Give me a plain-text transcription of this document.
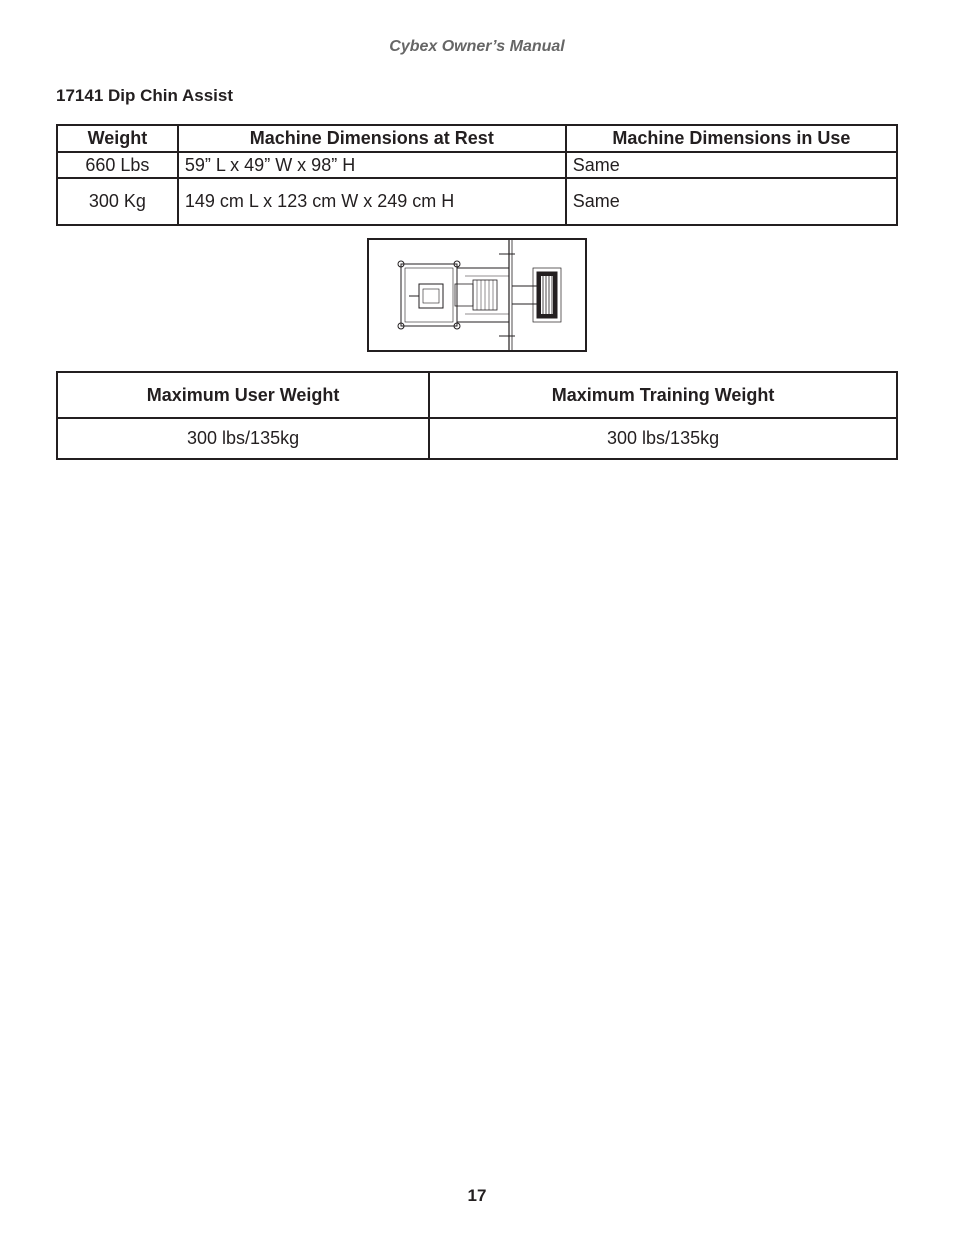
Cybex Owner’s Manual
17141 Dip Chin Assist
Weight	Machine Dimensions at Rest	Machine Dimensions in Use
660 Lbs	59” L x 49” W x 98” H	Same
300 Kg	149 cm L x 123 cm W x 249 cm H	Same
Maximum User Weight	Maximum Training Weight
300 lbs/135kg	300 lbs/135kg
17
